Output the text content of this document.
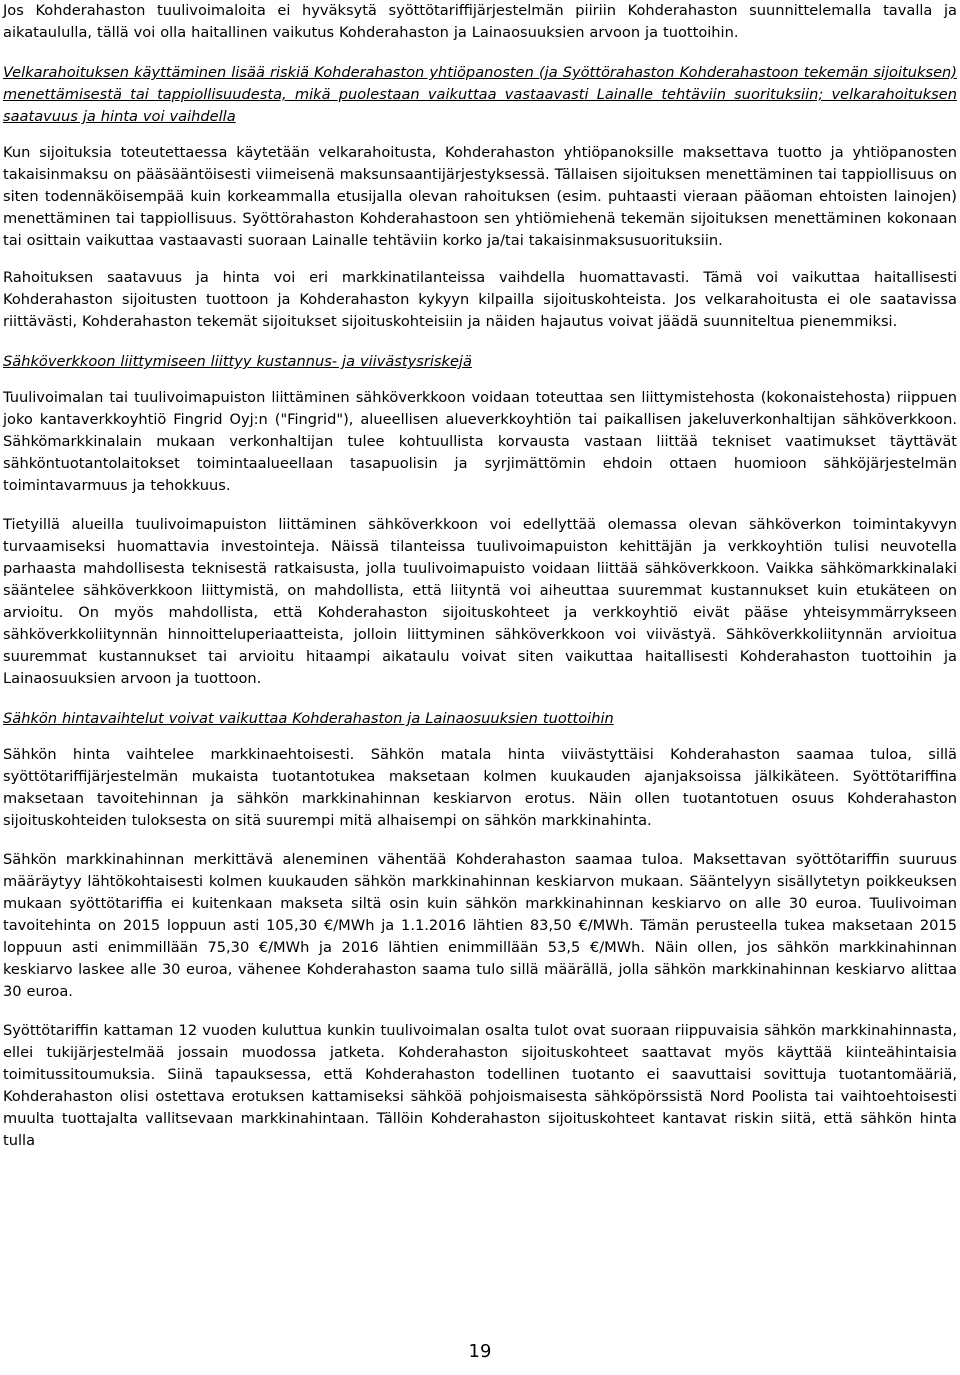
Jos Kohderahaston tuulivoimaloita ei hyväksytä syöttötariffijärjestelmän piiriin Kohderahaston suunnittelemalla tavalla ja aikataululla, tällä voi olla haitallinen vaikutus Kohderahaston ja Lainaosuuksien arvoon ja tuottoihin.

Velkarahoituksen käyttäminen lisää riskiä Kohderahaston yhtiöpanosten (ja Syöttörahaston Kohderahastoon tekemän sijoituksen) menettämisestä tai tappiollisuudesta, mikä puolestaan vaikuttaa vastaavasti Lainalle tehtäviin suorituksiin; velkarahoituksen saatavuus ja hinta voi vaihdella

Kun sijoituksia toteutettaessa käytetään velkarahoitusta, Kohderahaston yhtiöpanoksille maksettava tuotto ja yhtiöpanosten takaisinmaksu on pääsääntöisesti viimeisenä maksunsaantijärjestyksessä. Tällaisen sijoituksen menettäminen tai tappiollisuus on siten todennäköisempää kuin korkeammalla etusijalla olevan rahoituksen (esim. puhtaasti vieraan pääoman ehtoisten lainojen) menettäminen tai tappiollisuus. Syöttörahaston Kohderahastoon sen yhtiömiehenä tekemän sijoituksen menettäminen kokonaan tai osittain vaikuttaa vastaavasti suoraan Lainalle tehtäviin korko ja/tai takaisinmaksusuorituksiin.

Rahoituksen saatavuus ja hinta voi eri markkinatilanteissa vaihdella huomattavasti. Tämä voi vaikuttaa haitallisesti Kohderahaston sijoitusten tuottoon ja Kohderahaston kykyyn kilpailla sijoituskohteista. Jos velkarahoitusta ei ole saatavissa riittävästi, Kohderahaston tekemät sijoitukset sijoituskohteisiin ja näiden hajautus voivat jäädä suunniteltua pienemmiksi.

Sähköverkkoon liittymiseen liittyy kustannus- ja viivästysriskejä

Tuulivoimalan tai tuulivoimapuiston liittäminen sähköverkkoon voidaan toteuttaa sen liittymistehosta (kokonaistehosta) riippuen joko kantaverkkoyhtiö Fingrid Oyj:n ("Fingrid"), alueellisen alueverkkoyhtiön tai paikallisen jakeluverkonhaltijan sähköverkkoon. Sähkömarkkinalain mukaan verkonhaltijan tulee kohtuullista korvausta vastaan liittää tekniset vaatimukset täyttävät sähköntuotantolaitokset toimintaalueellaan tasapuolisin ja syrjimättömin ehdoin ottaen huomioon sähköjärjestelmän toimintavarmuus ja tehokkuus.

Tietyillä alueilla tuulivoimapuiston liittäminen sähköverkkoon voi edellyttää olemassa olevan sähköverkon toimintakyvyn turvaamiseksi huomattavia investointeja. Näissä tilanteissa tuulivoimapuiston kehittäjän ja verkkoyhtiön tulisi neuvotella parhaasta mahdollisesta teknisestä ratkaisusta, jolla tuulivoimapuisto voidaan liittää sähköverkkoon. Vaikka sähkömarkkinalaki sääntelee sähköverkkoon liittymistä, on mahdollista, että liityntä voi aiheuttaa suuremmat kustannukset kuin etukäteen on arvioitu. On myös mahdollista, että Kohderahaston sijoituskohteet ja verkkoyhtiö eivät pääse yhteisymmärrykseen sähköverkkoliitynnän hinnoitteluperiaatteista, jolloin liittyminen sähköverkkoon voi viivästyä. Sähköverkkoliitynnän arvioitua suuremmat kustannukset tai arvioitu hitaampi aikataulu voivat siten vaikuttaa haitallisesti Kohderahaston tuottoihin ja Lainaosuuksien arvoon ja tuottoon.

Sähkön hintavaihtelut voivat vaikuttaa Kohderahaston ja Lainaosuuksien tuottoihin

Sähkön hinta vaihtelee markkinaehtoisesti. Sähkön matala hinta viivästyttäisi Kohderahaston saamaa tuloa, sillä syöttötariffijärjestelmän mukaista tuotantotukea maksetaan kolmen kuukauden ajanjaksoissa jälkikäteen. Syöttötariffina maksetaan tavoitehinnan ja sähkön markkinahinnan keskiarvon erotus. Näin ollen tuotantotuen osuus Kohderahaston sijoituskohteiden tuloksesta on sitä suurempi mitä alhaisempi on sähkön markkinahinta.

Sähkön markkinahinnan merkittävä aleneminen vähentää Kohderahaston saamaa tuloa. Maksettavan syöttötariffin suuruus määräytyy lähtökohtaisesti kolmen kuukauden sähkön markkinahinnan keskiarvon mukaan. Sääntelyyn sisällytetyn poikkeuksen mukaan syöttötariffia ei kuitenkaan makseta siltä osin kuin sähkön markkinahinnan keskiarvo on alle 30 euroa. Tuulivoiman tavoitehinta on 2015 loppuun asti 105,30 €/MWh ja 1.1.2016 lähtien 83,50 €/MWh. Tämän perusteella tukea maksetaan 2015 loppuun asti enimmillään 75,30 €/MWh ja 2016 lähtien enimmillään 53,5 €/MWh. Näin ollen, jos sähkön markkinahinnan keskiarvo laskee alle 30 euroa, vähenee Kohderahaston saama tulo sillä määrällä, jolla sähkön markkinahinnan keskiarvo alittaa 30 euroa.

Syöttötariffin kattaman 12 vuoden kuluttua kunkin tuulivoimalan osalta tulot ovat suoraan riippuvaisia sähkön markkinahinnasta, ellei tukijärjestelmää jossain muodossa jatketa. Kohderahaston sijoituskohteet saattavat myös käyttää kiinteähintaisia toimitussitoumuksia. Siinä tapauksessa, että Kohderahaston todellinen tuotanto ei saavuttaisi sovittuja tuotantomääriä, Kohderahaston olisi ostettava erotuksen kattamiseksi sähköä pohjoismaisesta sähköpörssistä Nord Poolista tai vaihtoehtoisesti muulta tuottajalta vallitsevaan markkinahintaan. Tällöin Kohderahaston sijoituskohteet kantavat riskin siitä, että sähkön hinta tulla

19
